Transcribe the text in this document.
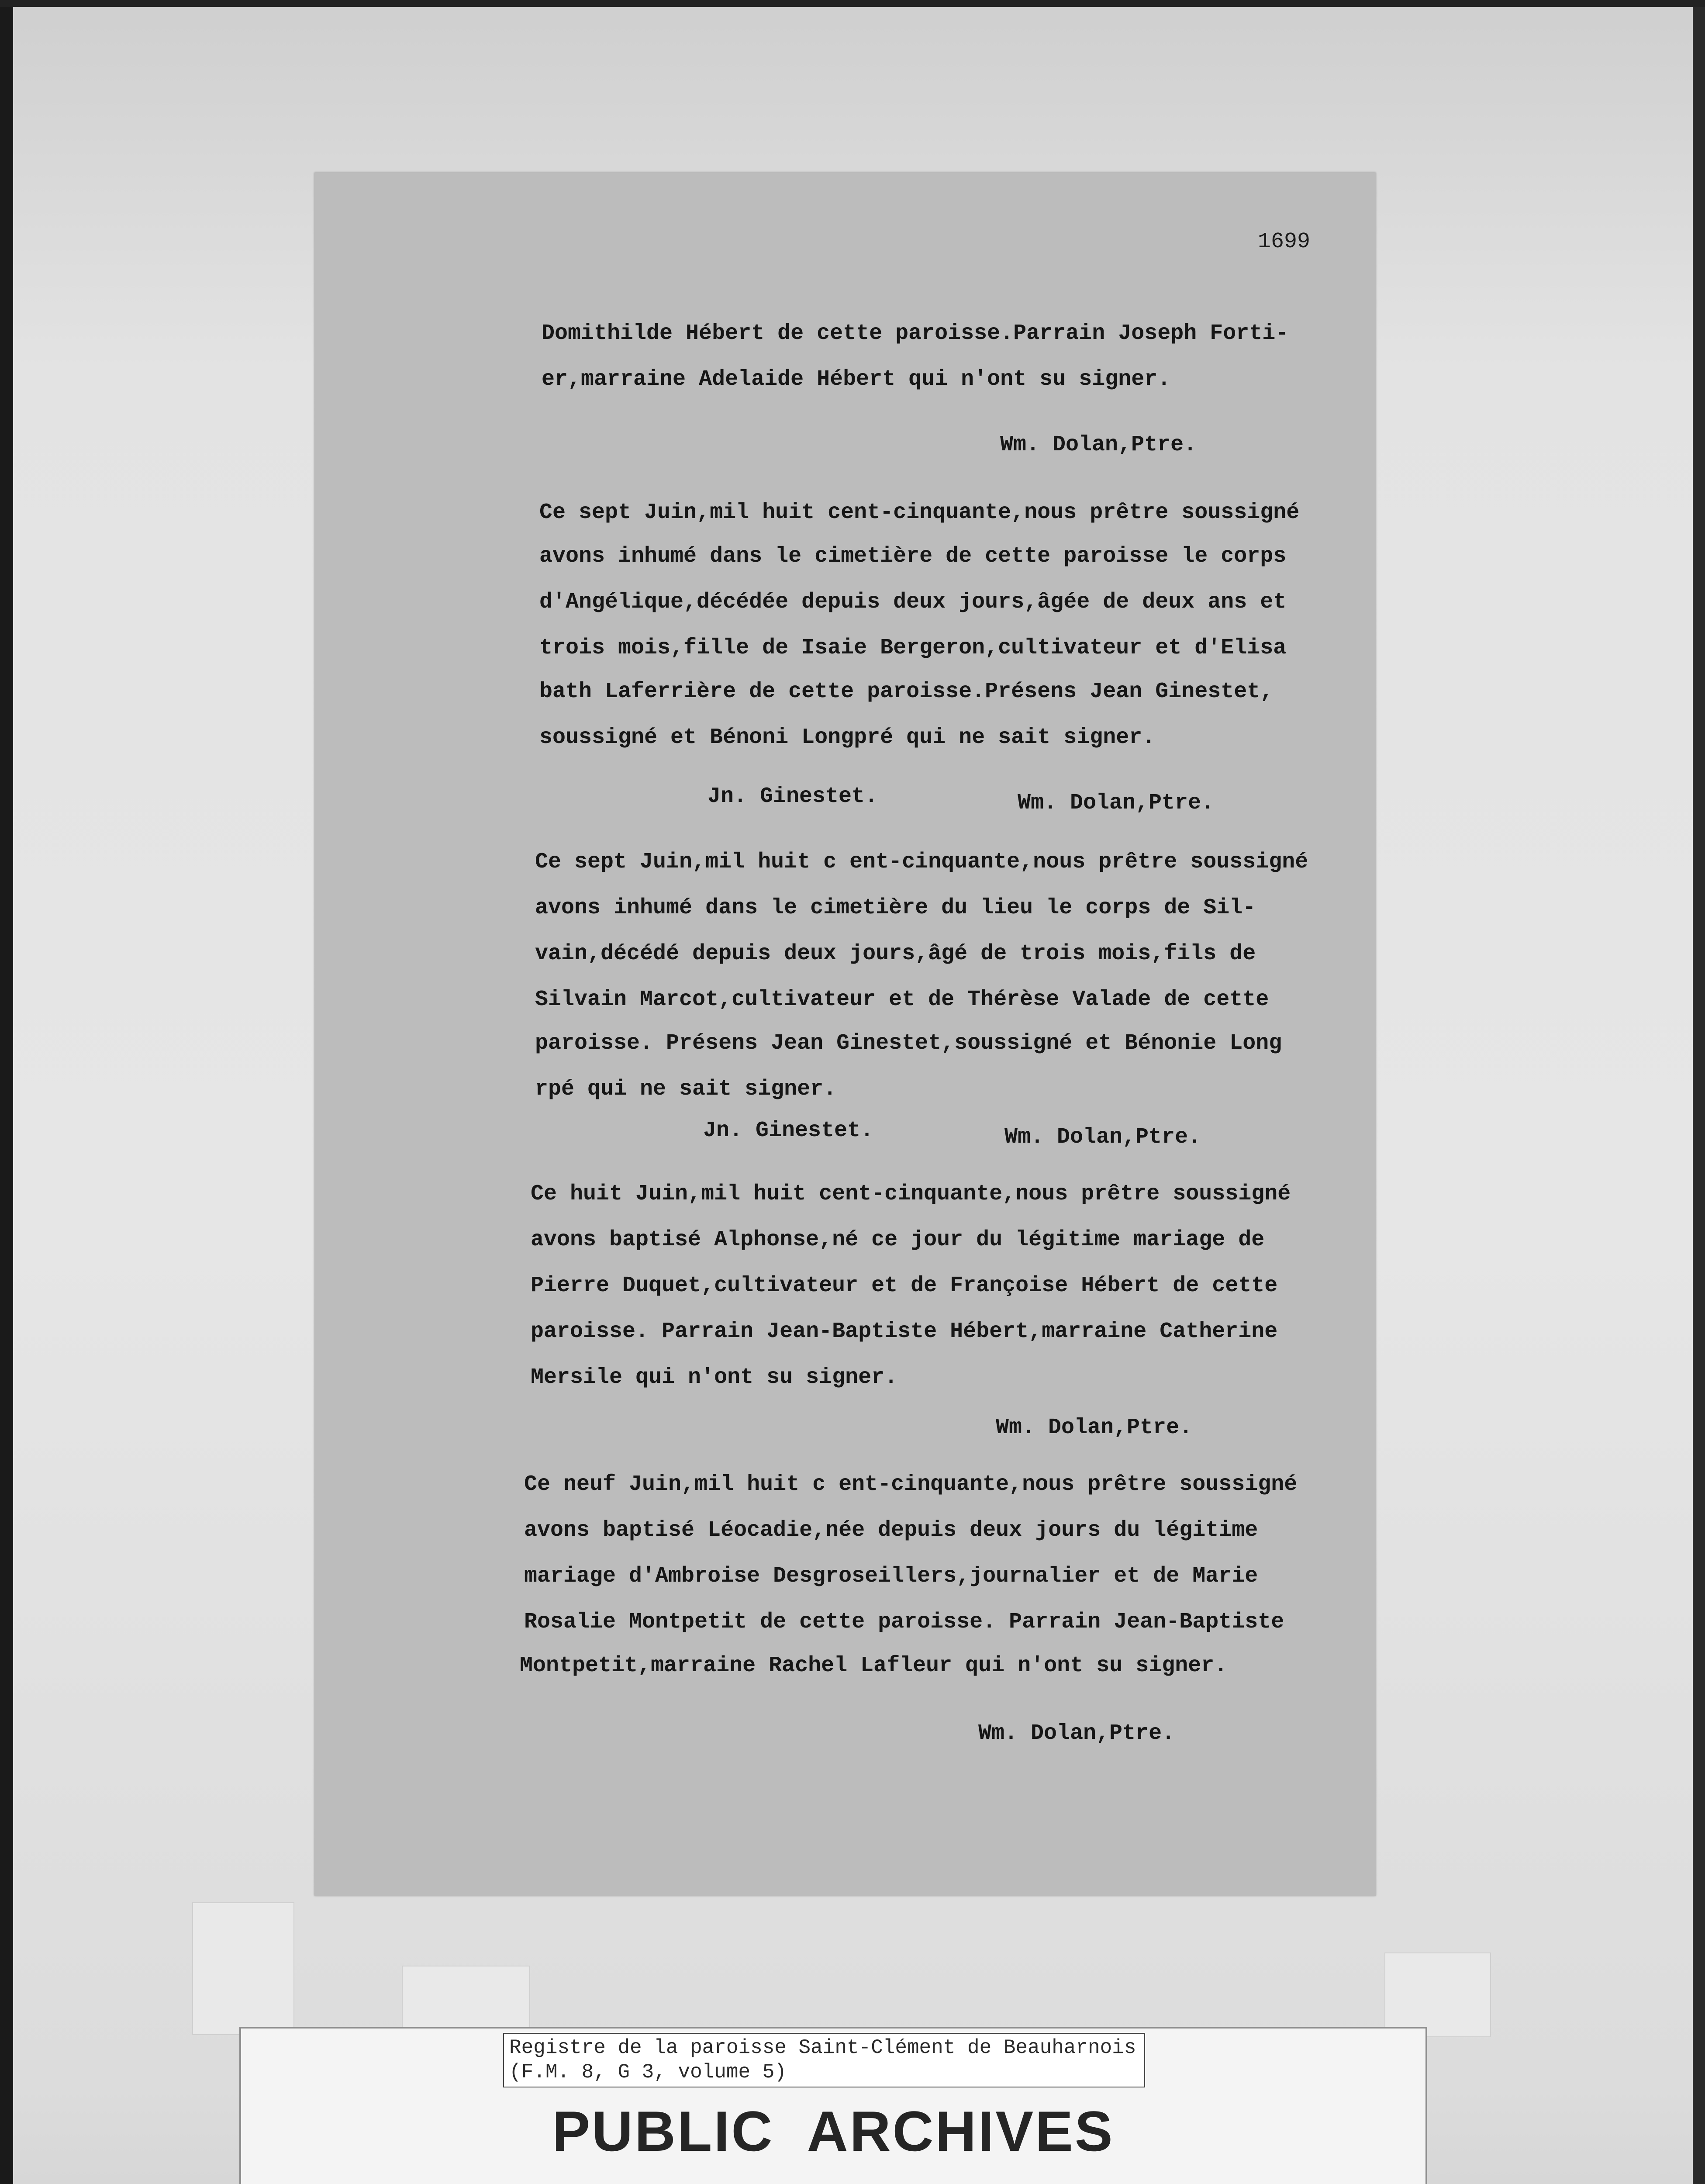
1699
Domithilde Hébert de cette paroisse.Parrain Joseph Forti-
er,marraine Adelaide Hébert qui n'ont su signer.
Wm. Dolan,Ptre.
Ce sept Juin,mil huit cent-cinquante,nous prêtre soussigné
avons inhumé dans le cimetière de cette paroisse le corps
d'Angélique,décédée depuis deux jours,âgée de deux ans et
trois mois,fille de Isaie Bergeron,cultivateur et d'Elisa
bath Laferrière de cette paroisse.Présens Jean Ginestet,
soussigné et Bénoni Longpré qui ne sait signer.
Jn. Ginestet.	Wm. Dolan,Ptre.
Ce sept Juin,mil huit c ent-cinquante,nous prêtre soussigné
avons inhumé dans le cimetière du lieu le corps de Sil-
vain,décédé depuis deux jours,âgé de trois mois,fils de
Silvain Marcot,cultivateur et de Thérèse Valade de cette
paroisse. Présens Jean Ginestet,soussigné et Bénonie Long
rpé qui ne sait signer.
Jn. Ginestet.	Wm. Dolan,Ptre.
Ce huit Juin,mil huit cent-cinquante,nous prêtre soussigné
avons baptisé Alphonse,né ce jour du légitime mariage de
Pierre Duquet,cultivateur et de Françoise Hébert de cette
paroisse. Parrain Jean-Baptiste Hébert,marraine Catherine
Mersile qui n'ont su signer.
Wm. Dolan,Ptre.
Ce neuf Juin,mil huit c ent-cinquante,nous prêtre soussigné
avons baptisé Léocadie,née depuis deux jours du légitime
mariage d'Ambroise Desgroseillers,journalier et de Marie
Rosalie Montpetit de cette paroisse. Parrain Jean-Baptiste
Montpetit,marraine Rachel Lafleur qui n'ont su signer.
Wm. Dolan,Ptre.
Registre de la paroisse Saint-Clément de Beauharnois
(F.M. 8, G 3, volume 5)
PUBLIC  ARCHIVES
